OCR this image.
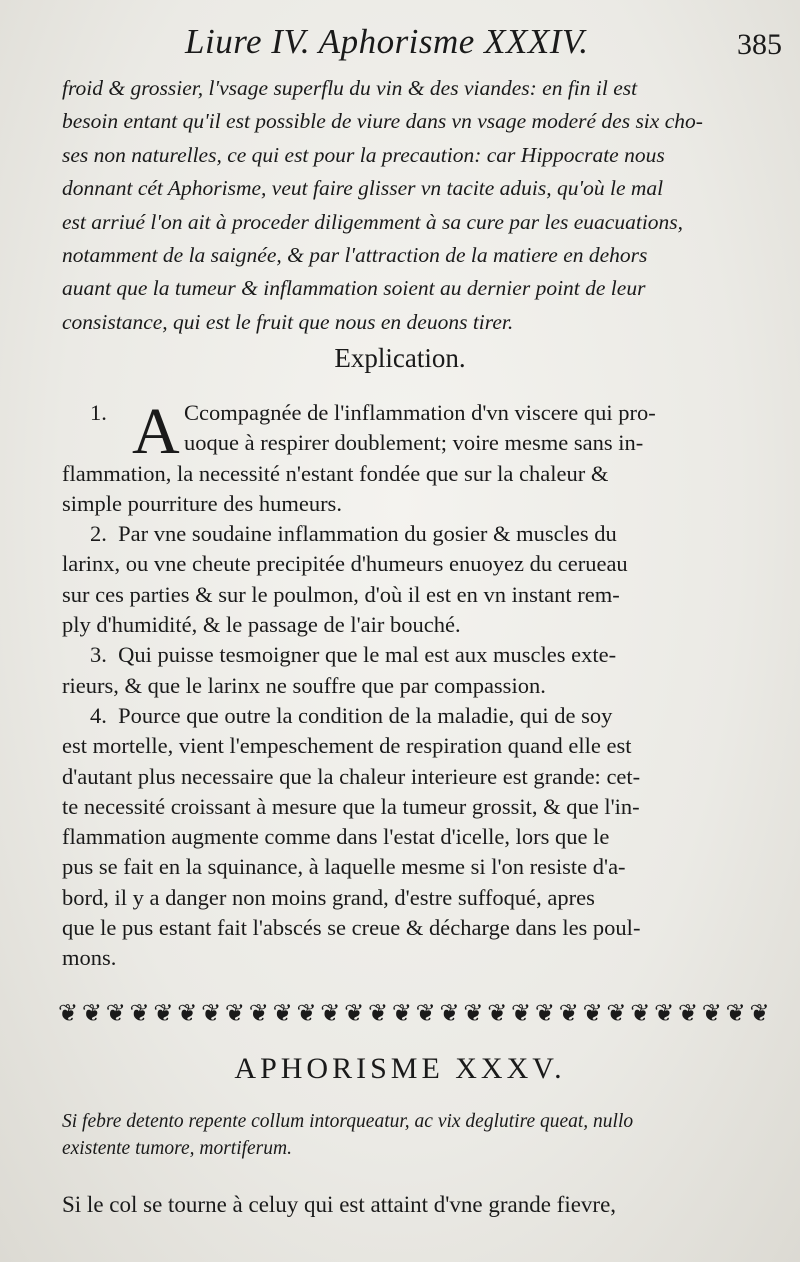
Liure IV. Aphorisme XXXIV.	385
froid & grossier, l'vsage superflu du vin & des viandes: en fin il est
besoin entant qu'il est possible de viure dans vn vsage moderé des six cho-
ses non naturelles, ce qui est pour la precaution: car Hippocrate nous
donnant cét Aphorisme, veut faire glisser vn tacite aduis, qu'où le mal
est arriué l'on ait à proceder diligemment à sa cure par les euacuations,
notamment de la saignée, & par l'attraction de la matiere en dehors
auant que la tumeur & inflammation soient au dernier point de leur
consistance, qui est le fruit que nous en deuons tirer.
Explication.
A
1.	Ccompagnée de l'inflammation d'vn viscere qui pro-
uoque à respirer doublement; voire mesme sans in-
flammation, la necessité n'estant fondée que sur la chaleur &
simple pourriture des humeurs.
2. Par vne soudaine inflammation du gosier & muscles du
larinx, ou vne cheute precipitée d'humeurs enuoyez du cerueau
sur ces parties & sur le poulmon, d'où il est en vn instant rem-
ply d'humidité, & le passage de l'air bouché.
3. Qui puisse tesmoigner que le mal est aux muscles exte-
rieurs, & que le larinx ne souffre que par compassion.
4. Pource que outre la condition de la maladie, qui de soy
est mortelle, vient l'empeschement de respiration quand elle est
d'autant plus necessaire que la chaleur interieure est grande: cet-
te necessité croissant à mesure que la tumeur grossit, & que l'in-
flammation augmente comme dans l'estat d'icelle, lors que le
pus se fait en la squinance, à laquelle mesme si l'on resiste d'a-
bord, il y a danger non moins grand, d'estre suffoqué, apres
que le pus estant fait l'abscés se creue & décharge dans les poul-
mons.
❦ ❦ ❦ ❦ ❦ ❦ ❦ ❦ ❦ ❦ ❦ ❦ ❦ ❦ ❦ ❦ ❦ ❦ ❦ ❦ ❦ ❦ ❦ ❦ ❦ ❦ ❦ ❦ ❦ ❦
APHORISME XXXV.
Si febre detento repente collum intorqueatur, ac vix deglutire queat, nullo
existente tumore, mortiferum.
Si le col se tourne à celuy qui est attaint d'vne grande fievre,
